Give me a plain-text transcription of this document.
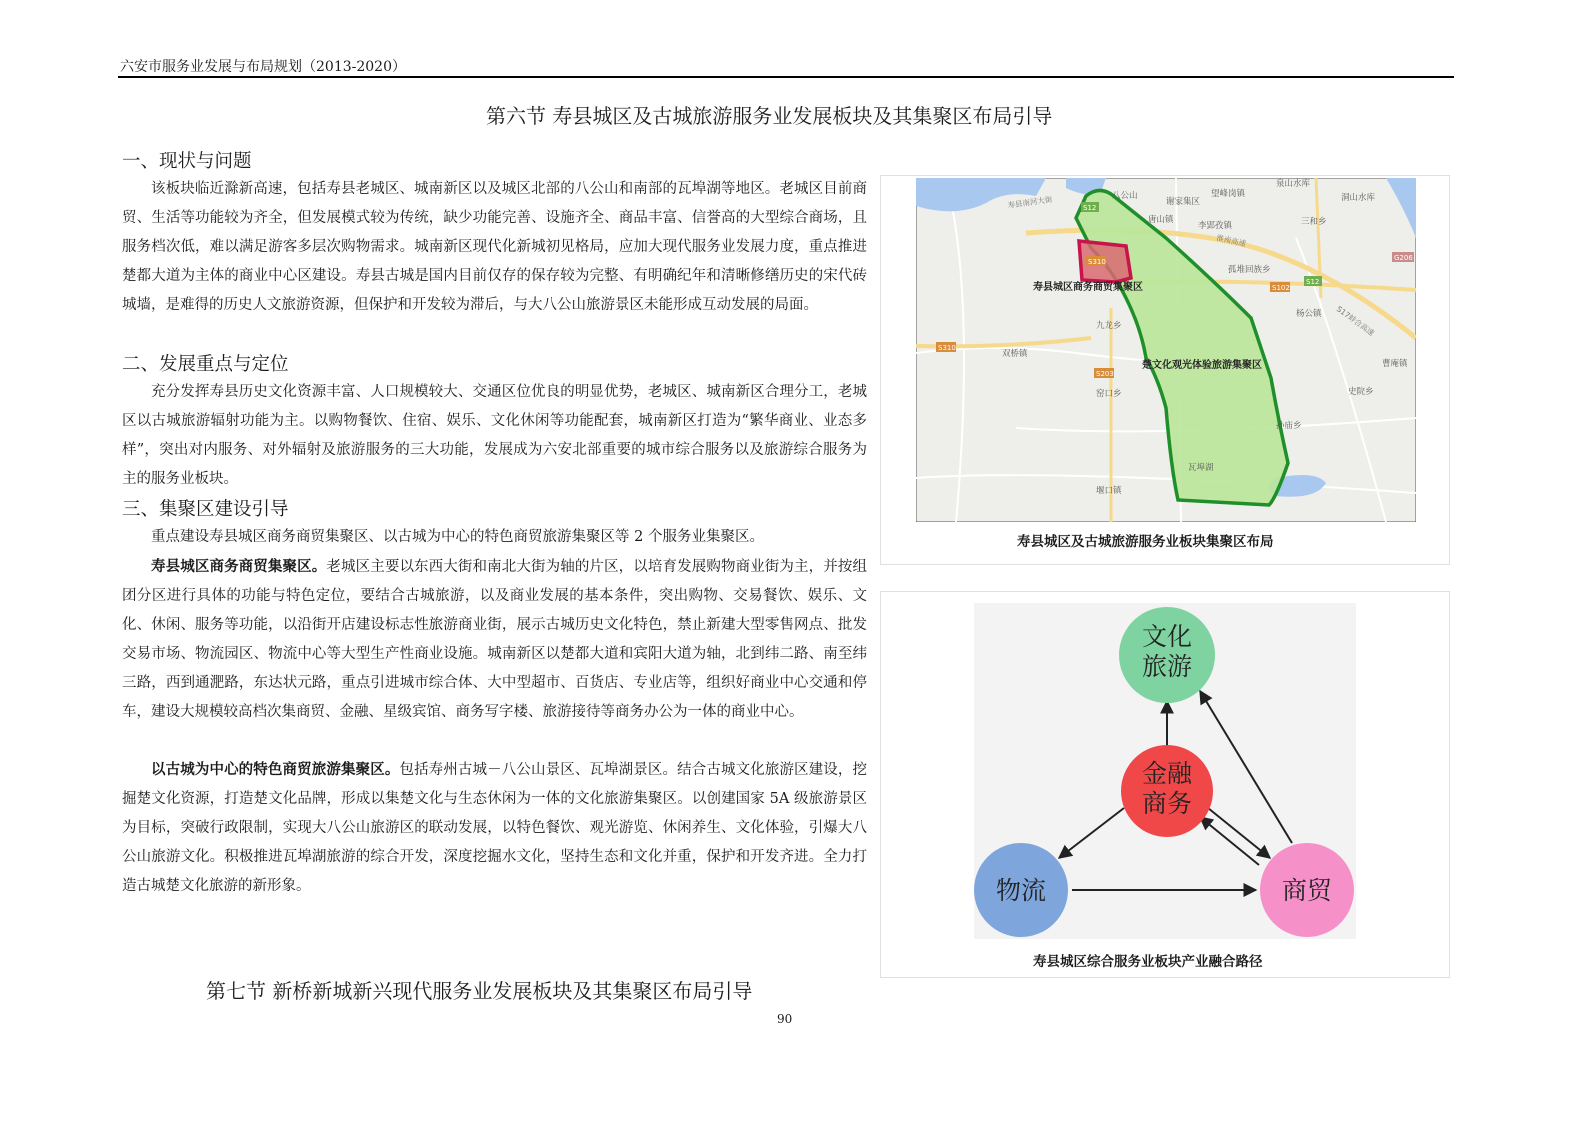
六安市服务业发展与布局规划（2013-2020）
第六节 寿县城区及古城旅游服务业发展板块及其集聚区布局引导
一、现状与问题

该板块临近滁新高速，包括寿县老城区、城南新区以及城区北部的八公山和南部的瓦埠湖等地区。老城区目前商贸、生活等功能较为齐全，但发展模式较为传统，缺少功能完善、设施齐全、商品丰富、信誉高的大型综合商场，且服务档次低，难以满足游客多层次购物需求。城南新区现代化新城初见格局，应加大现代服务业发展力度，重点推进楚都大道为主体的商业中心区建设。寿县古城是国内目前仅存的保存较为完整、有明确纪年和清晰修缮历史的宋代砖城墙，是难得的历史人文旅游资源，但保护和开发较为滞后，与大八公山旅游景区未能形成互动发展的局面。

二、发展重点与定位

充分发挥寿县历史文化资源丰富、人口规模较大、交通区位优良的明显优势，老城区、城南新区合理分工，老城区以古城旅游辐射功能为主。以购物餐饮、住宿、娱乐、文化休闲等功能配套，城南新区打造为“繁华商业、业态多样”，突出对内服务、对外辐射及旅游服务的三大功能，发展成为六安北部重要的城市综合服务以及旅游综合服务为主的服务业板块。

三、集聚区建设引导

重点建设寿县城区商务商贸集聚区、以古城为中心的特色商贸旅游集聚区等 2 个服务业集聚区。

寿县城区商务商贸集聚区。老城区主要以东西大街和南北大街为轴的片区，以培育发展购物商业街为主，并按组团分区进行具体的功能与特色定位，要结合古城旅游，以及商业发展的基本条件，突出购物、交易餐饮、娱乐、文化、休闲、服务等功能，以沿街开店建设标志性旅游商业街，展示古城历史文化特色，禁止新建大型零售网点、批发交易市场、物流园区、物流中心等大型生产性商业设施。城南新区以楚都大道和宾阳大道为轴，北到纬二路、南至纬三路，西到通淝路，东达状元路，重点引进城市综合体、大中型超市、百货店、专业店等，组织好商业中心交通和停车，建设大规模较高档次集商贸、金融、星级宾馆、商务写字楼、旅游接待等商务办公为一体的商业中心。

以古城为中心的特色商贸旅游集聚区。包括寿州古城－八公山景区、瓦埠湖景区。结合古城文化旅游区建设，挖掘楚文化资源，打造楚文化品牌，形成以集楚文化与生态休闲为一体的文化旅游集聚区。以创建国家 5A 级旅游景区为目标，突破行政限制，实现大八公山旅游区的联动发展，以特色餐饮、观光游览、休闲养生、文化体验，引爆大八公山旅游文化。积极推进瓦埠湖旅游的综合开发，深度挖掘水文化，坚持生态和文化并重，保护和开发齐进。全力打造古城楚文化旅游的新形象。

第七节 新桥新城新兴现代服务业发展板块及其集聚区布局引导
S12
S12
S310
S310
S203
S102
G206
八公山	望峰岗镇
泉山水库
瓦埠湖
谢家集区
唐山镇
李郢孜镇	三和乡
洞山水库
孤堆回族乡
杨公镇
九龙乡
双桥镇
窑口乡
堰口镇
孙庙乡
史院乡
曹庵镇
寿县南河大街
S17蚌合高速
淮南高速
寿县城区商务商贸集聚区
楚文化观光体验旅游集聚区
寿县城区及古城旅游服务业板块集聚区布局
文化
旅游
金融
商务
物流	商贸
寿县城区综合服务业板块产业融合路径
90
